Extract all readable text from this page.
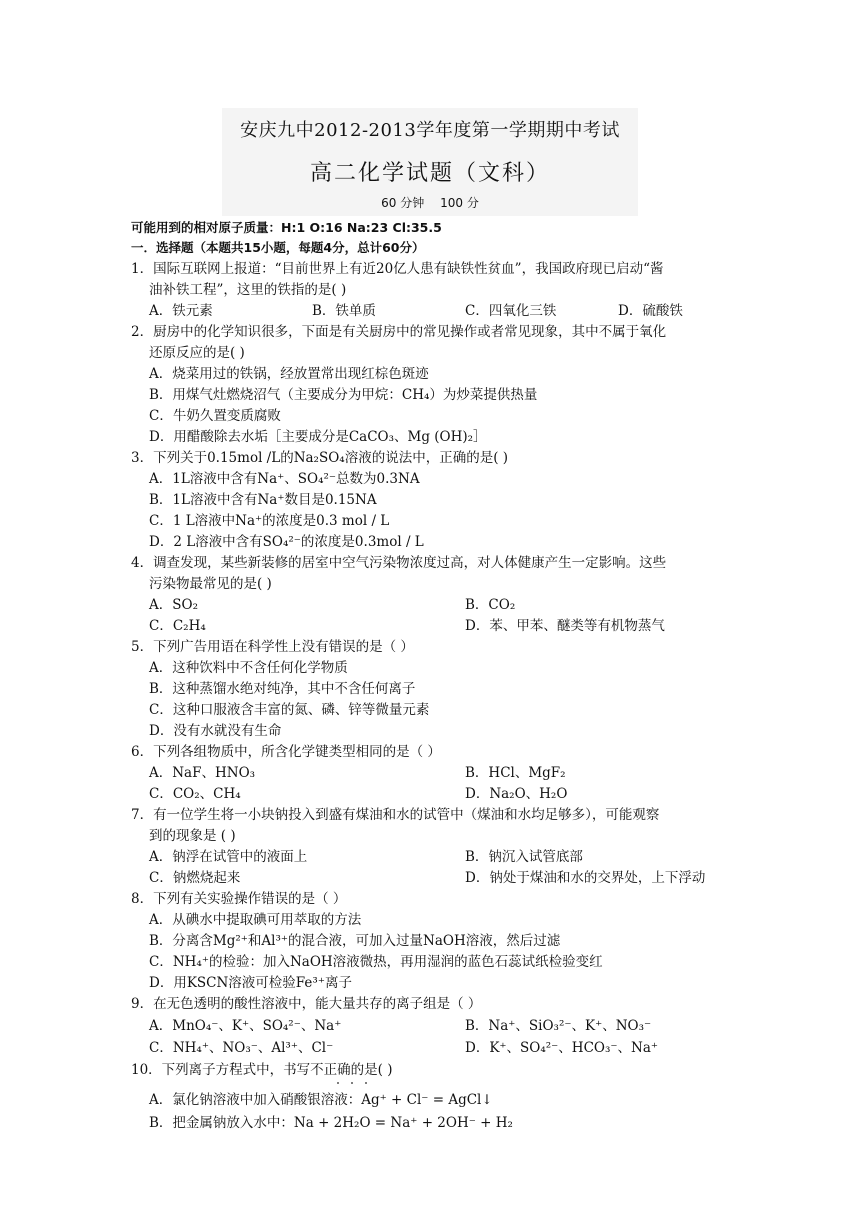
安庆九中2012-2013学年度第一学期期中考试
高二化学试题（文科）
60 分钟 100 分
可能用到的相对原子质量：H:1 O:16 Na:23 Cl:35.5
一．选择题（本题共15小题，每题4分，总计60分）
1．国际互联网上报道：“目前世界上有近20亿人患有缺铁性贫血”，我国政府现已启动“酱
油补铁工程”，这里的铁指的是( )
A．铁元素	B．铁单质	C．四氧化三铁	D．硫酸铁
2．厨房中的化学知识很多，下面是有关厨房中的常见操作或者常见现象，其中不属于氧化
还原反应的是( )
A．烧菜用过的铁锅，经放置常出现红棕色斑迹
B．用煤气灶燃烧沼气（主要成分为甲烷：CH₄）为炒菜提供热量
C．牛奶久置变质腐败
D．用醋酸除去水垢［主要成分是CaCO₃、Mg (OH)₂］
3．下列关于0.15mol /L的Na₂SO₄溶液的说法中，正确的是( )
A．1L溶液中含有Na⁺、SO₄²⁻总数为0.3NA
B．1L溶液中含有Na⁺数目是0.15NA
C．1 L溶液中Na⁺的浓度是0.3 mol / L
D．2 L溶液中含有SO₄²⁻的浓度是0.3mol / L
4．调查发现，某些新装修的居室中空气污染物浓度过高，对人体健康产生一定影响。这些
污染物最常见的是( )
A．SO₂	B．CO₂
C．C₂H₄	D．苯、甲苯、醚类等有机物蒸气
5．下列广告用语在科学性上没有错误的是（ ）
A．这种饮料中不含任何化学物质
B．这种蒸馏水绝对纯净，其中不含任何离子
C．这种口服液含丰富的氮、磷、锌等微量元素
D．没有水就没有生命
6．下列各组物质中，所含化学键类型相同的是（ ）
A．NaF、HNO₃	B．HCl、MgF₂
C．CO₂、CH₄	D．Na₂O、H₂O
7．有一位学生将一小块钠投入到盛有煤油和水的试管中（煤油和水均足够多），可能观察
到的现象是 ( )
A．钠浮在试管中的液面上	B．钠沉入试管底部
C．钠燃烧起来	D．钠处于煤油和水的交界处，上下浮动
8．下列有关实验操作错误的是（ ）
A．从碘水中提取碘可用萃取的方法
B．分离含Mg²⁺和Al³⁺的混合液，可加入过量NaOH溶液，然后过滤
C．NH₄⁺的检验：加入NaOH溶液微热，再用湿润的蓝色石蕊试纸检验变红
D．用KSCN溶液可检验Fe³⁺离子
9．在无色透明的酸性溶液中，能大量共存的离子组是（ ）
A．MnO₄⁻、K⁺、SO₄²⁻、Na⁺	B．Na⁺、SiO₃²⁻、K⁺、NO₃⁻
C．NH₄⁺、NO₃⁻、Al³⁺、Cl⁻	D．K⁺、SO₄²⁻、HCO₃⁻、Na⁺
10．下列离子方程式中，书写不正确的是( )
A．氯化钠溶液中加入硝酸银溶液：Ag⁺ + Cl⁻ = AgCl↓
B．把金属钠放入水中：Na + 2H₂O = Na⁺ + 2OH⁻ + H₂
